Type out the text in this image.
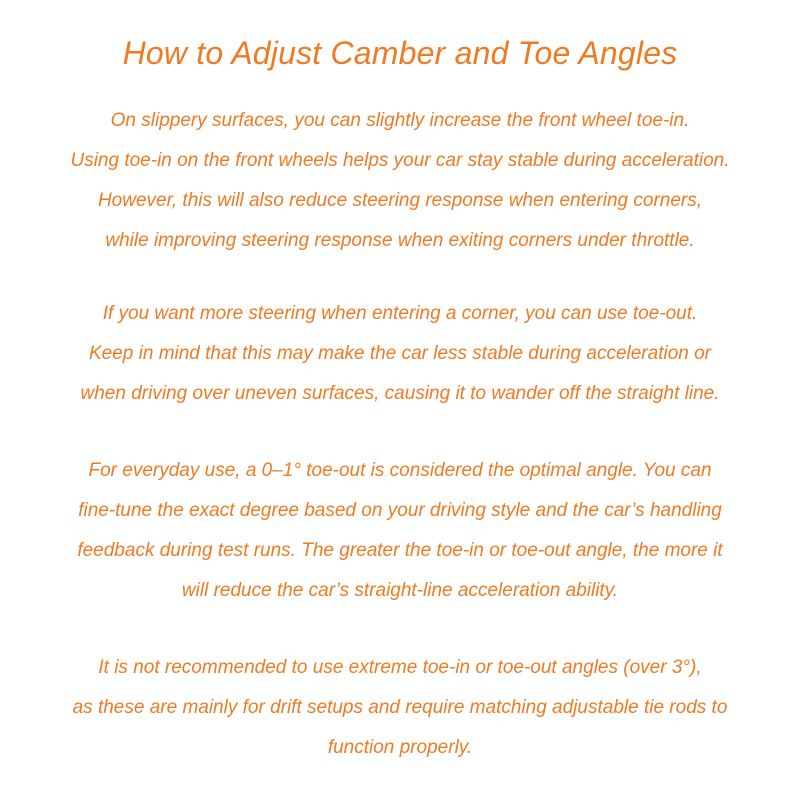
How to Adjust Camber and Toe Angles
On slippery surfaces, you can slightly increase the front wheel toe-in.
Using toe-in on the front wheels helps your car stay stable during acceleration.
However, this will also reduce steering response when entering corners,
while improving steering response when exiting corners under throttle.
If you want more steering when entering a corner, you can use toe-out.
Keep in mind that this may make the car less stable during acceleration or
when driving over uneven surfaces, causing it to wander off the straight line.
For everyday use, a 0–1° toe-out is considered the optimal angle. You can
fine-tune the exact degree based on your driving style and the car’s handling
feedback during test runs. The greater the toe-in or toe-out angle, the more it
will reduce the car’s straight-line acceleration ability.
It is not recommended to use extreme toe-in or toe-out angles (over 3°),
as these are mainly for drift setups and require matching adjustable tie rods to
function properly.
